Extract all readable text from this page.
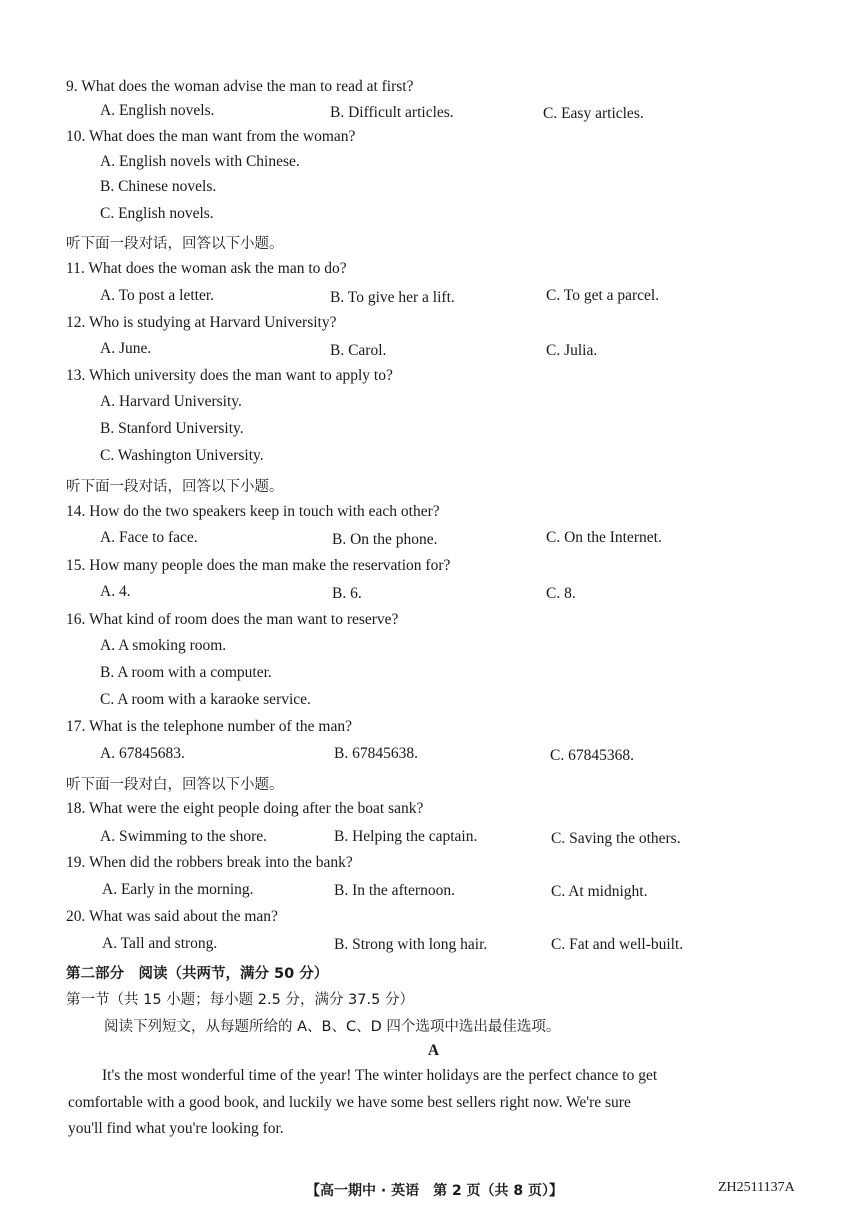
9. What does the woman advise the man to read at first?
A. English novels.	B. Difficult articles.	C. Easy articles.
10. What does the man want from the woman?
A. English novels with Chinese.
B. Chinese novels.
C. English novels.
听下面一段对话，回答以下小题。
11. What does the woman ask the man to do?
A. To post a letter.	B. To give her a lift.	C. To get a parcel.
12. Who is studying at Harvard University?
A. June.	B. Carol.	C. Julia.
13. Which university does the man want to apply to?
A. Harvard University.
B. Stanford University.
C. Washington University.
听下面一段对话，回答以下小题。
14. How do the two speakers keep in touch with each other?
A. Face to face.	B. On the phone.	C. On the Internet.
15. How many people does the man make the reservation for?
A. 4.	B. 6.	C. 8.
16. What kind of room does the man want to reserve?
A. A smoking room.
B. A room with a computer.
C. A room with a karaoke service.
17. What is the telephone number of the man?
A. 67845683.	B. 67845638.	C. 67845368.
听下面一段对白，回答以下小题。
18. What were the eight people doing after the boat sank?
A. Swimming to the shore.	B. Helping the captain.	C. Saving the others.
19. When did the robbers break into the bank?
A. Early in the morning.	B. In the afternoon.	C. At midnight.
20. What was said about the man?
A. Tall and strong.	B. Strong with long hair.	C. Fat and well-built.
第二部分　阅读（共两节，满分 50 分）
第一节（共 15 小题；每小题 2.5 分，满分 37.5 分）
阅读下列短文，从每题所给的 A、B、C、D 四个选项中选出最佳选项。
A
It's the most wonderful time of the year! The winter holidays are the perfect chance to get
comfortable with a good book, and luckily we have some best sellers right now. We're sure
you'll find what you're looking for.
【高一期中 · 英语　第 2 页（共 8 页）】	ZH2511137A
